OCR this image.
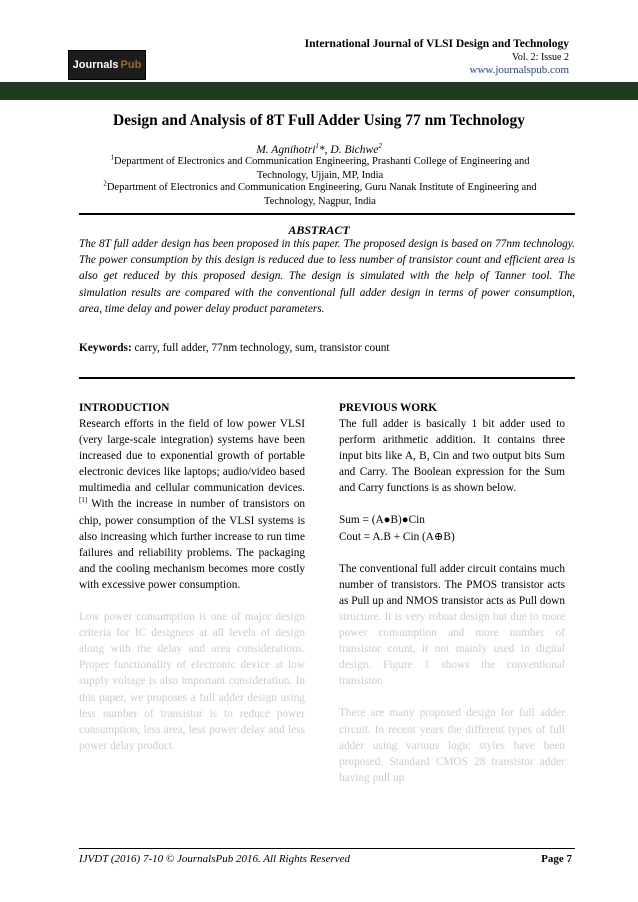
Journals Pub
International Journal of VLSI Design and Technology
Vol. 2: Issue 2
www.journalspub.com
Design and Analysis of 8T Full Adder Using 77 nm Technology
M. Agnihotri$^1$*, D. Bichwe$^2$
$^1$Department of Electronics and Communication Engineering, Prashanti College of Engineering and Technology, Ujjain, MP, India
$^2$Department of Electronics and Communication Engineering, Guru Nanak Institute of Engineering and Technology, Nagpur, India
ABSTRACT
The 8T full adder design has been proposed in this paper. The proposed design is based on 77nm technology. The power consumption by this design is reduced due to less number of transistor count and efficient area is also get reduced by this proposed design. The design is simulated with the help of Tanner tool. The simulation results are compared with the conventional full adder design in terms of power consumption, area, time delay and power delay product parameters.
Keywords: carry, full adder, 77nm technology, sum, transistor count
INTRODUCTION

Research efforts in the field of low power VLSI (very large-scale integration) systems have been increased due to exponential growth of portable electronic devices like laptops; audio/video based multimedia and cellular communication devices.[1] With the increase in number of transistors on chip, power consumption of the VLSI systems is also increasing which further increase to run time failures and reliability problems. The packaging and the cooling mechanism becomes more costly with excessive power consumption.

Low power consumption is one of major design criteria for IC designers at all levels of design along with the delay and area considerations. Proper functionality of electronic device at low supply voltage is also important consideration. In this paper, we proposes a full adder design using less number of transistor is to reduce power consumption, less area, less power delay and less power delay product.

PREVIOUS WORK

The full adder is basically 1 bit adder used to perform arithmetic addition. It contains three input bits like A, B, Cin and two output bits Sum and Carry. The Boolean expression for the Sum and Carry functions is as shown below.

Sum = (A●B)●Cin

Cout = A.B + Cin (A⊕B)

The conventional full adder circuit contains much number of transistors. The PMOS transistor acts as Pull up and NMOS transistor acts as Pull down structure. It is very robust design but due to more power consumption and more number of transistor count, it not mainly used in digital design. Figure 1 shows the conventional transistor.

There are many proposed design for full adder circuit. In recent years the different types of full adder using various logic styles have been proposed. Standard CMOS 28 transistor adder having pull up

IJVDT (2016) 7-10 © JournalsPub 2016. All Rights Reserved	Page 7
